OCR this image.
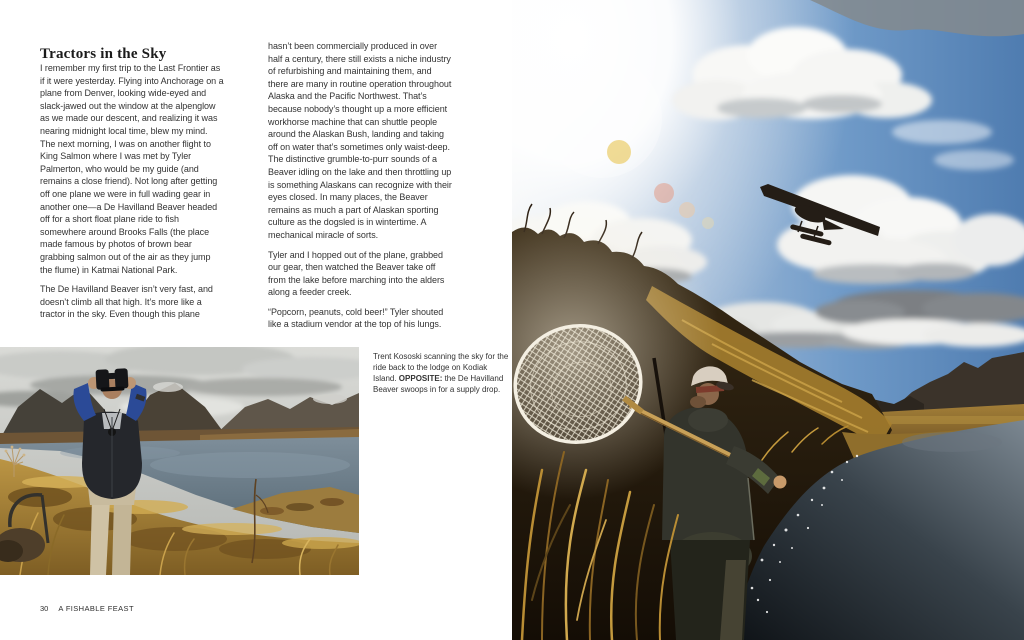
Tractors in the Sky

I remember my first trip to the Last Frontier as if it were yesterday. Flying into Anchorage on a plane from Denver, looking wide-eyed and slack-jawed out the window at the alpenglow as we made our descent, and realizing it was nearing midnight local time, blew my mind. The next morning, I was on another flight to King Salmon where I was met by Tyler Palmerton, who would be my guide (and remains a close friend). Not long after getting off one plane we were in full wading gear in another one—a De Havilland Beaver headed off for a short float plane ride to fish somewhere around Brooks Falls (the place made famous by photos of brown bear grabbing salmon out of the air as they jump the flume) in Katmai National Park.

The De Havilland Beaver isn’t very fast, and doesn’t climb all that high. It’s more like a tractor in the sky. Even though this plane

hasn’t been commercially produced in over half a century, there still exists a niche industry of refurbishing and maintaining them, and there are many in routine operation throughout Alaska and the Pacific Northwest. That’s because nobody’s thought up a more efficient workhorse machine that can shuttle people around the Alaskan Bush, landing and taking off on water that’s sometimes only waist-deep. The distinctive grumble-to-purr sounds of a Beaver idling on the lake and then throttling up is something Alaskans can recognize with their eyes closed. In many places, the Beaver remains as much a part of Alaskan sporting culture as the dogsled is in wintertime. A mechanical miracle of sorts.

Tyler and I hopped out of the plane, grabbed our gear, then watched the Beaver take off from the lake before marching into the alders along a feeder creek.

“Popcorn, peanuts, cold beer!” Tyler shouted like a stadium vendor at the top of his lungs.

Trent Kososki scanning the sky for the ride back to the lodge on Kodiak Island. OPPOSITE: the De Havilland Beaver swoops in for a supply drop.
30 A FISHABLE FEAST
